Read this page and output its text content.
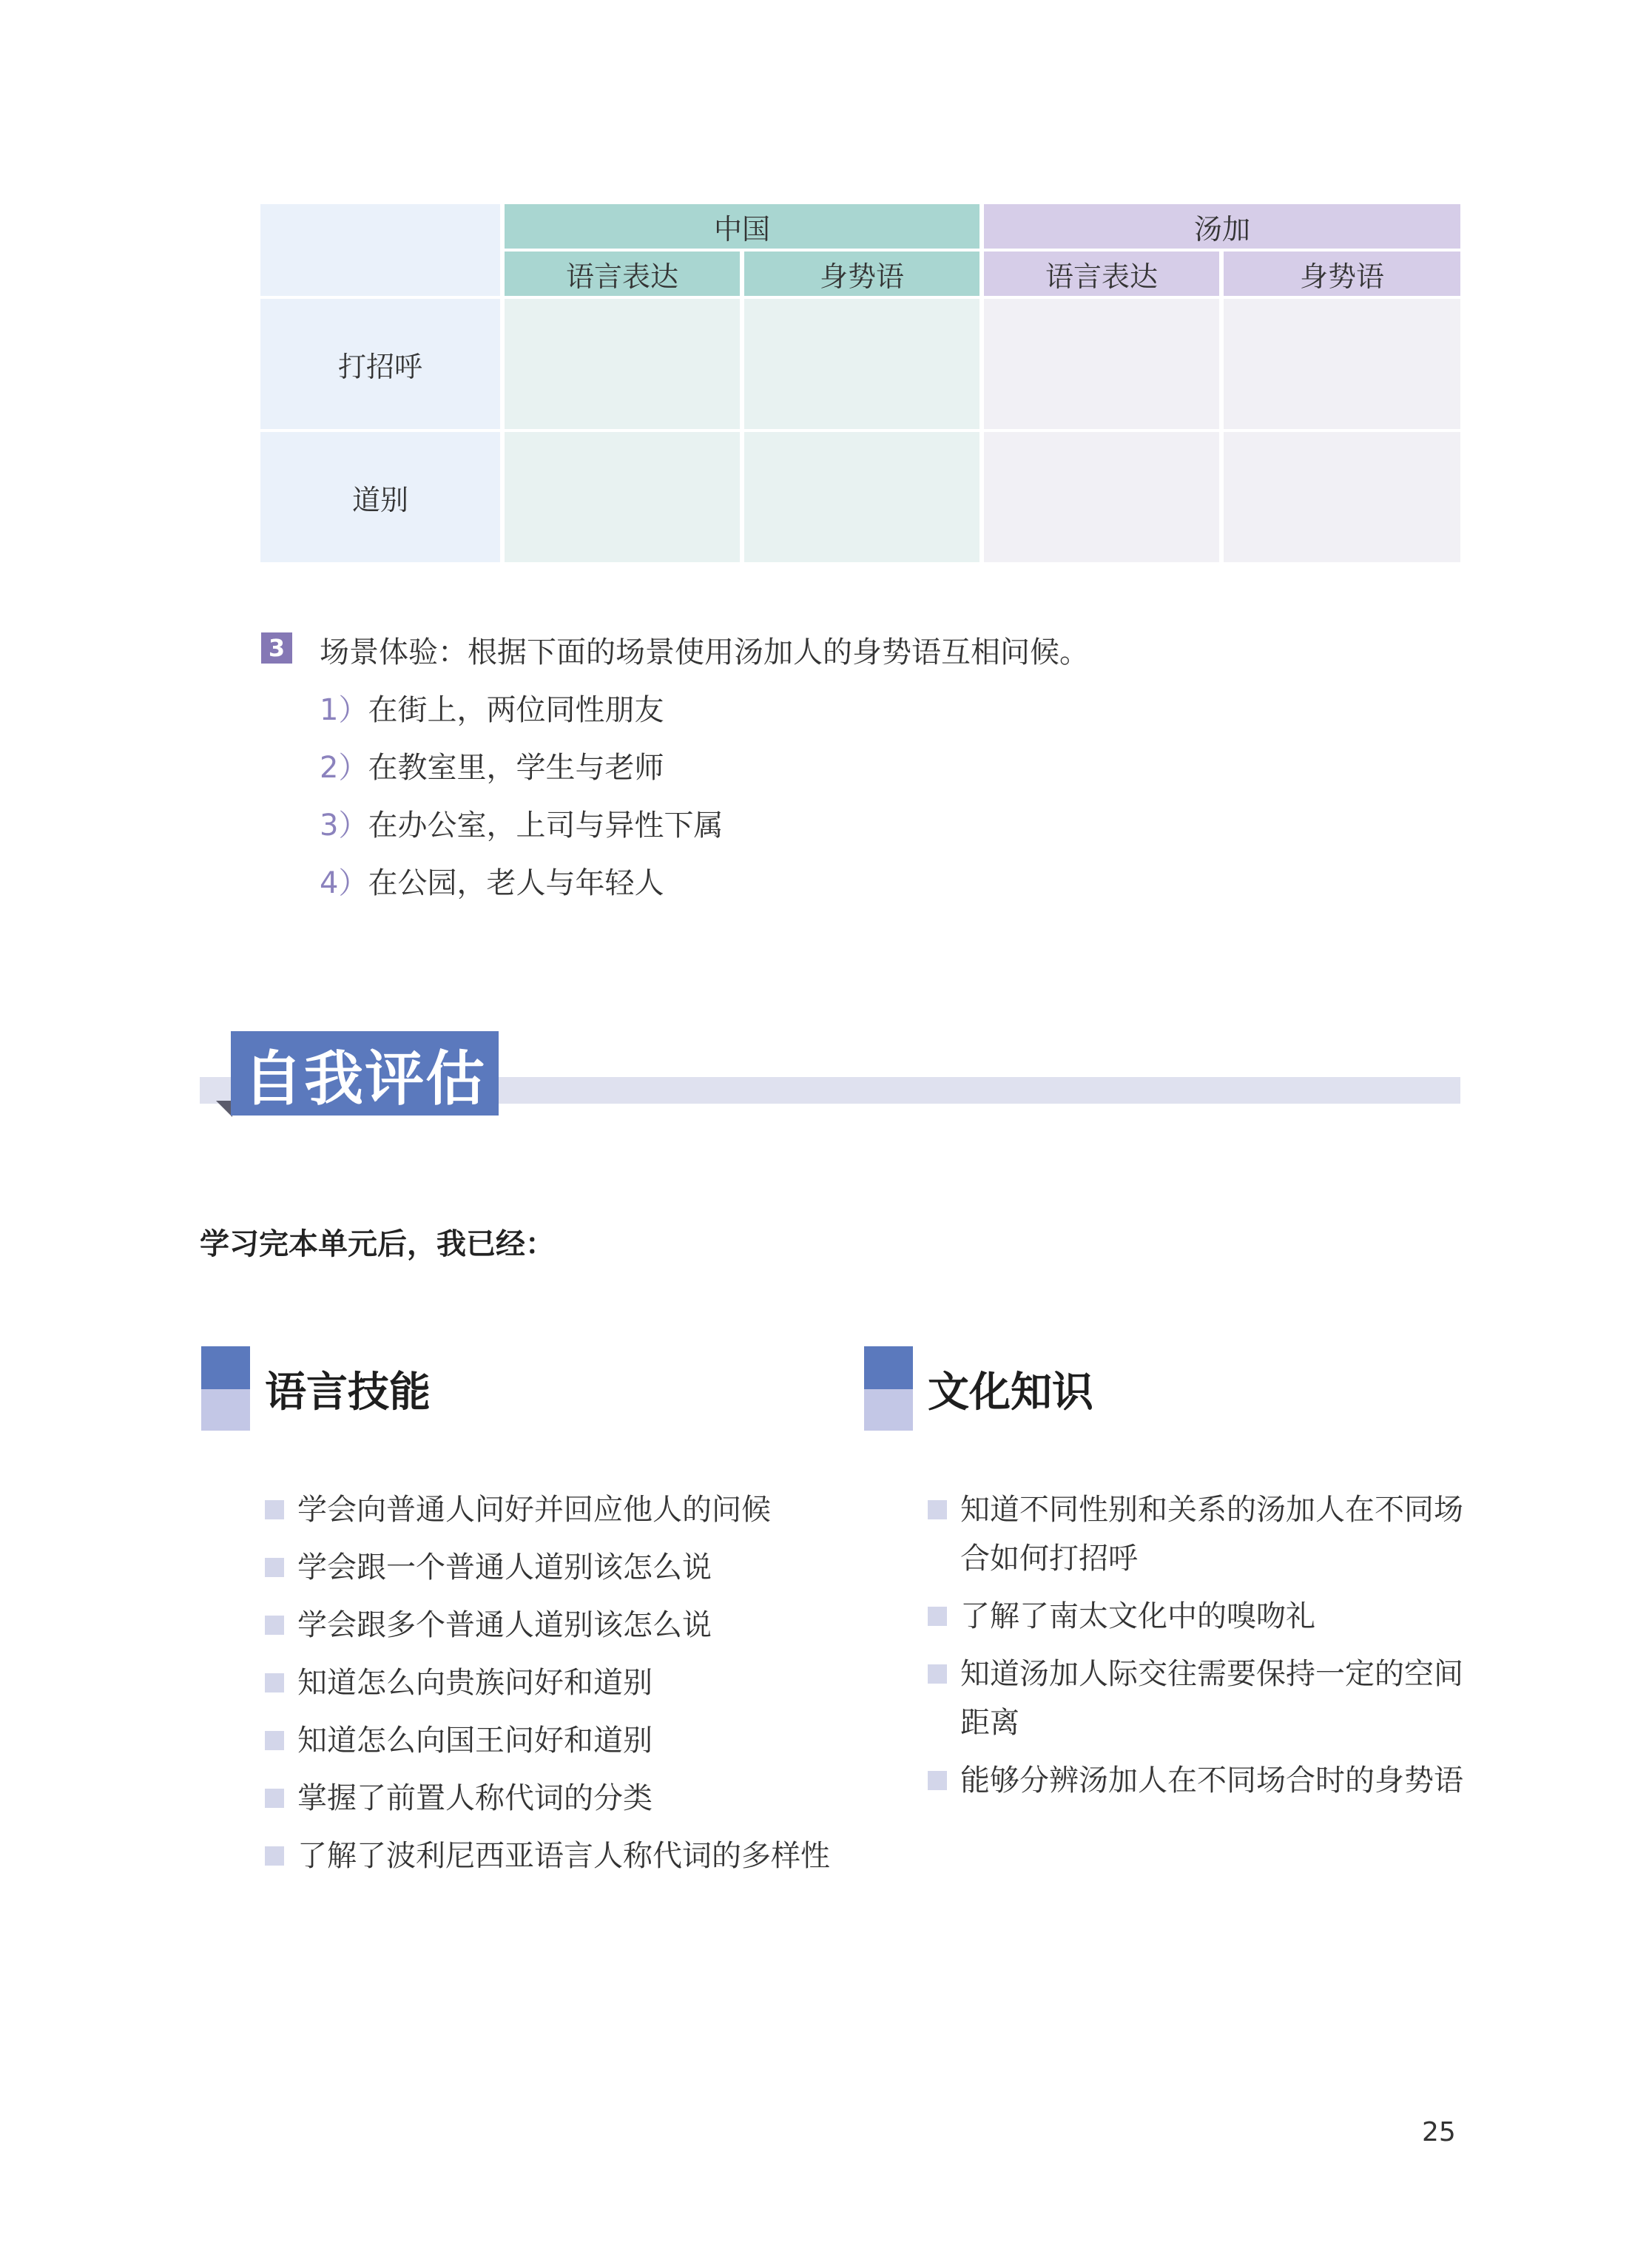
中国	汤加
语言表达	身势语	语言表达	身势语
打招呼
道别
3 场景体验：根据下面的场景使用汤加人的身势语互相问候。
1）在街上，两位同性朋友
2）在教室里，学生与老师
3）在办公室，上司与异性下属
4）在公园，老人与年轻人
自我评估
学习完本单元后，我已经：
语言技能
学会向普通人问好并回应他人的问候
学会跟一个普通人道别该怎么说
学会跟多个普通人道别该怎么说
知道怎么向贵族问好和道别
知道怎么向国王问好和道别
掌握了前置人称代词的分类
了解了波利尼西亚语言人称代词的多样性
文化知识
知道不同性别和关系的汤加人在不同场
合如何打招呼
了解了南太文化中的嗅吻礼
知道汤加人际交往需要保持一定的空间
距离
能够分辨汤加人在不同场合时的身势语
25
